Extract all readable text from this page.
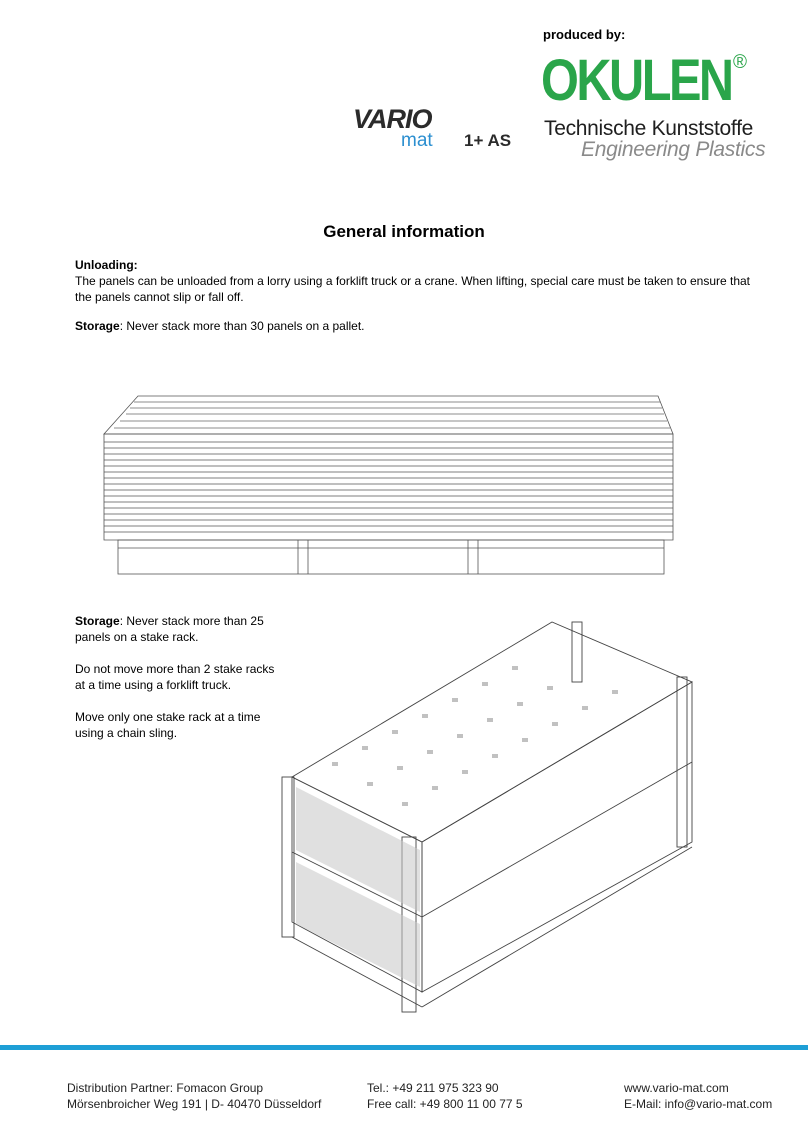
produced by:
OKULEN ®
Technische Kunststoffe
Engineering Plastics
VARIO
mat 1+ AS
General information
Unloading:
The panels can be unloaded from a lorry using a forklift truck or a crane. When lifting, special care must be taken to ensure that the panels cannot slip or fall off.
Storage: Never stack more than 30 panels on a pallet.

Storage: Never stack more than 25 panels on a stake rack.

Do not move more than 2 stake racks at a time using a forklift truck.

Move only one stake rack at a time using a chain sling.

Distribution Partner: Fomacon Group
Mörsenbroicher Weg 191 | D- 40470 Düsseldorf
Tel.: +49 211 975 323 90
Free call: +49 800 11 00 77 5
www.vario-mat.com
E-Mail: info@vario-mat.com
